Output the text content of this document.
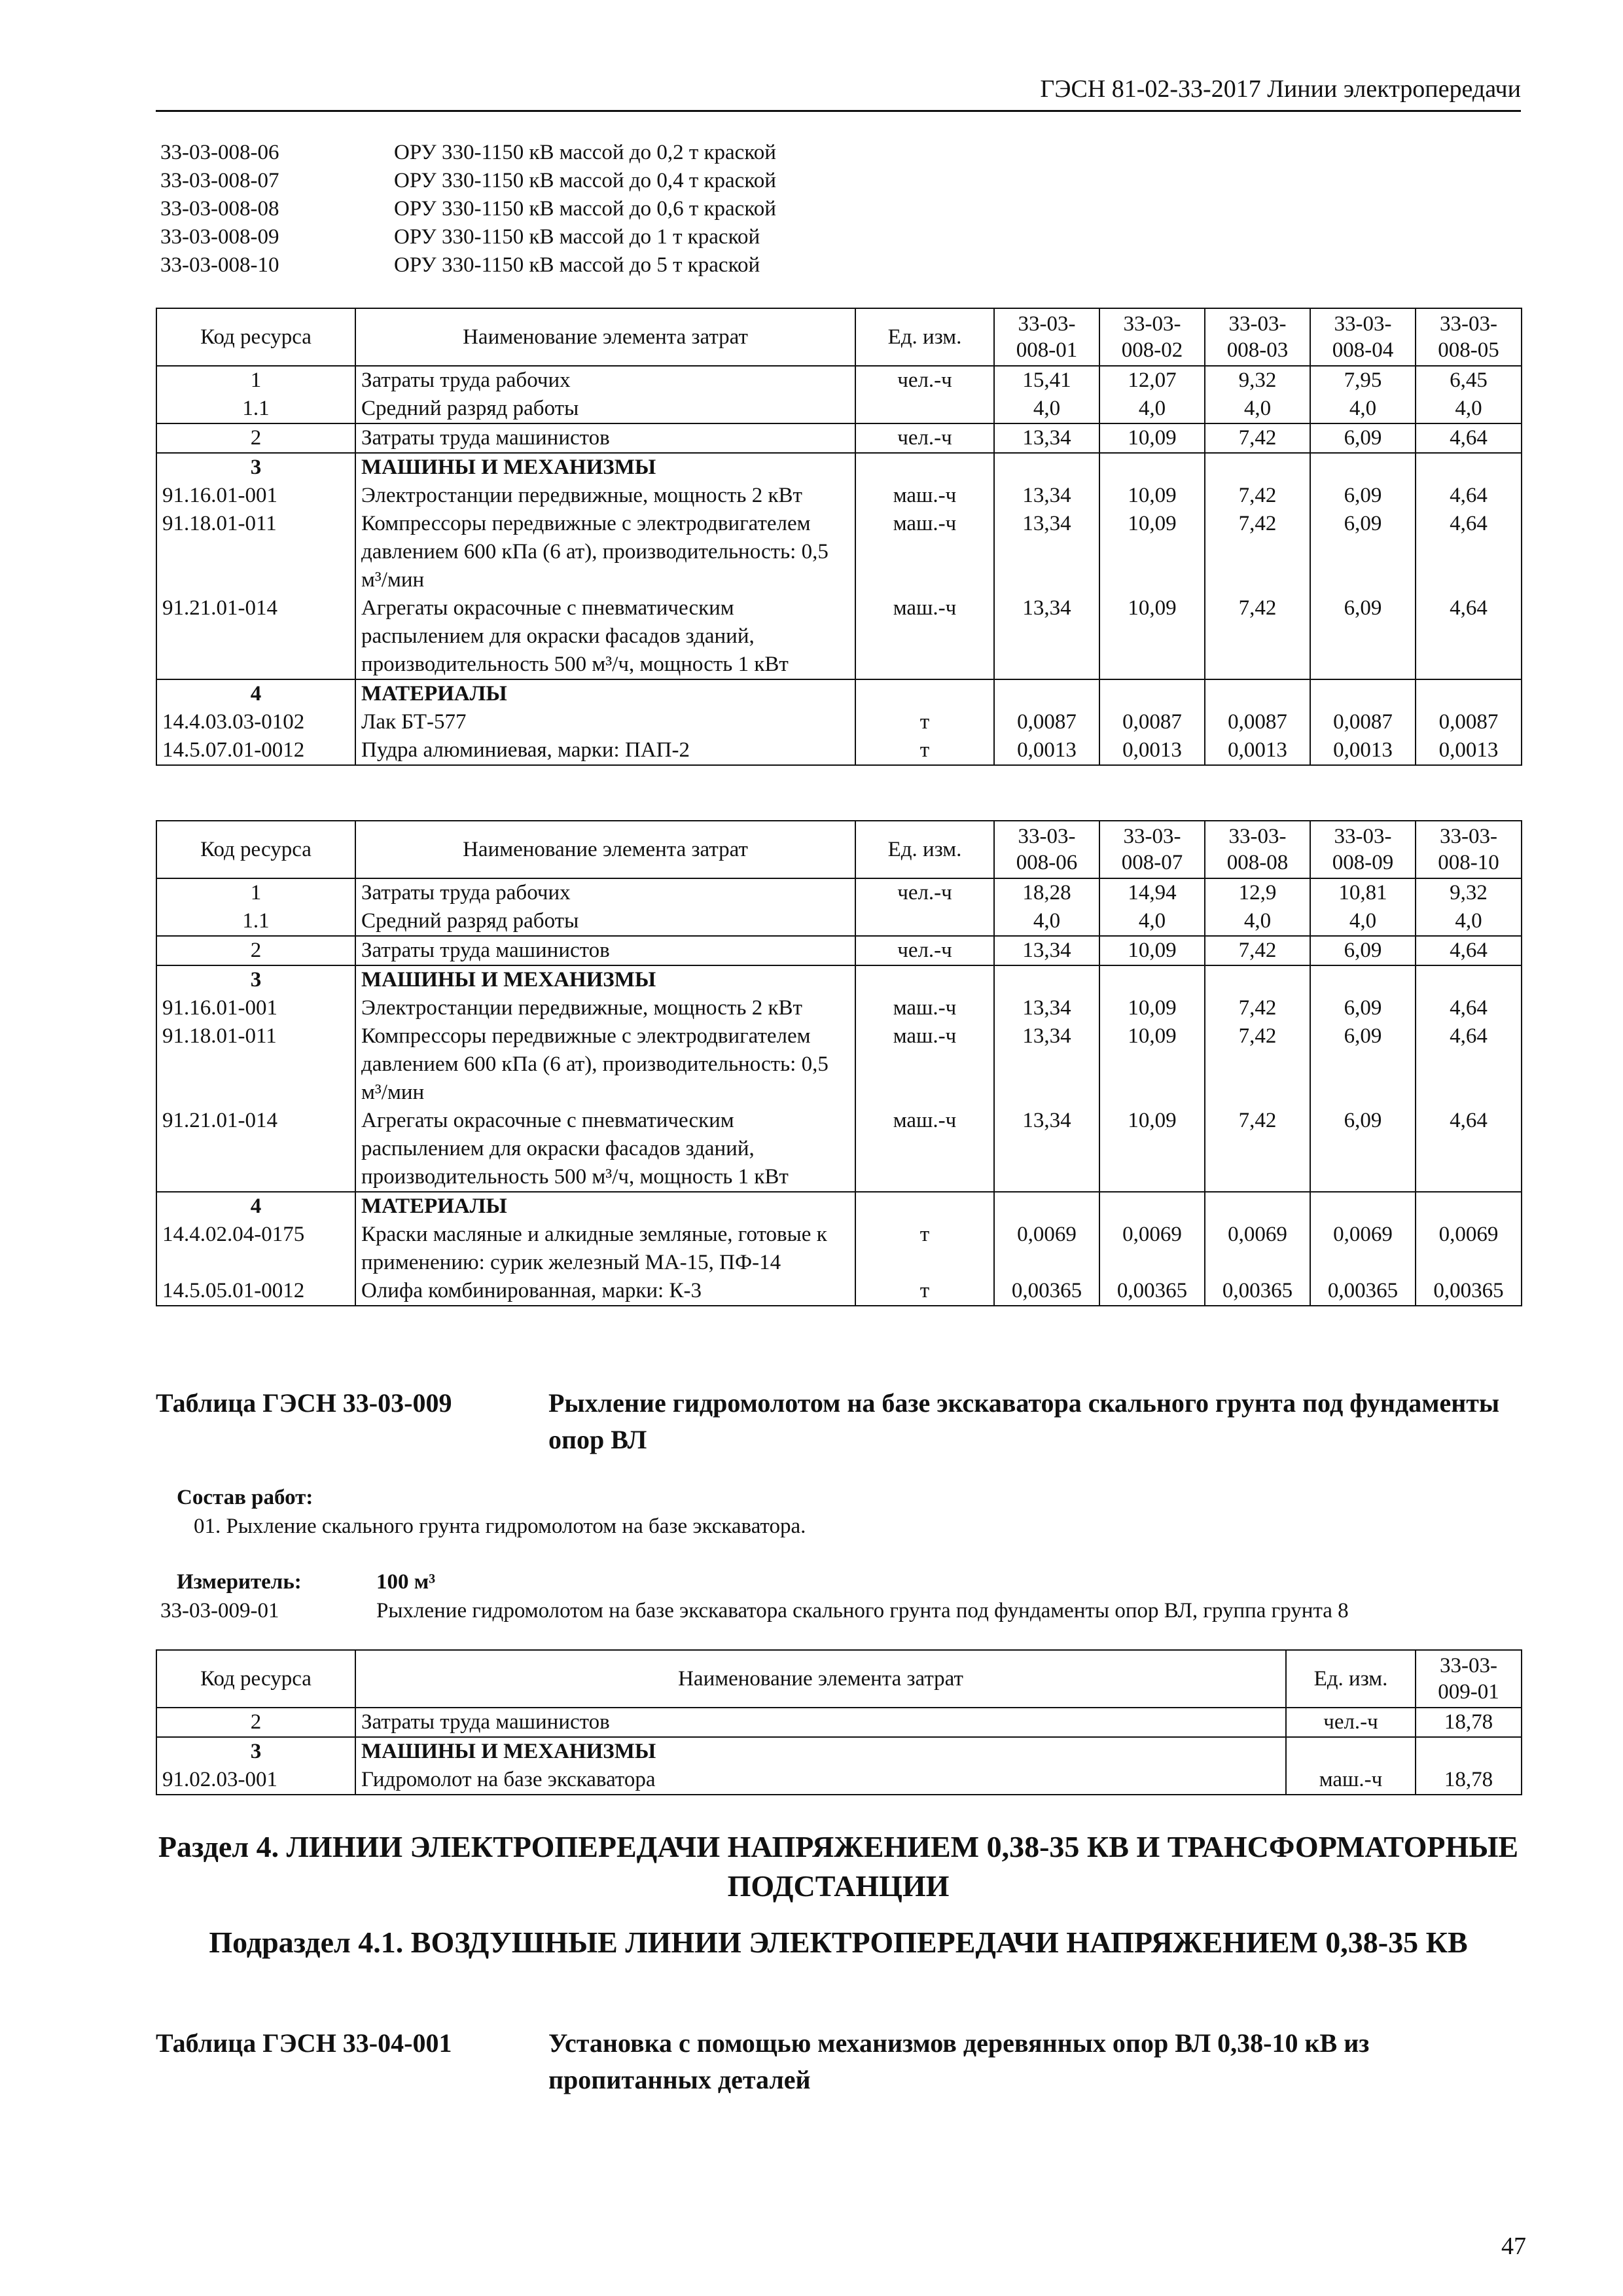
ГЭСН 81-02-33-2017 Линии электропередачи
33-03-008-06	ОРУ 330-1150 кВ массой до 0,2 т краской
33-03-008-07	ОРУ 330-1150 кВ массой до 0,4 т краской
33-03-008-08	ОРУ 330-1150 кВ массой до 0,6 т краской
33-03-008-09	ОРУ 330-1150 кВ массой до 1 т краской
33-03-008-10	ОРУ 330-1150 кВ массой до 5 т краской
Код ресурса	Наименование элемента затрат	Ед. изм.	33-03-008-01	33-03-008-02	33-03-008-03	33-03-008-04	33-03-008-05
1	Затраты труда рабочих	чел.-ч	15,41	12,07	9,32	7,95	6,45
1.1	Средний разряд работы		4,0	4,0	4,0	4,0	4,0
2	Затраты труда машинистов	чел.-ч	13,34	10,09	7,42	6,09	4,64
3	МАШИНЫ И МЕХАНИЗМЫ						
91.16.01-001	Электростанции передвижные, мощность 2 кВт	маш.-ч	13,34	10,09	7,42	6,09	4,64
91.18.01-011	Компрессоры передвижные с электродвигателем давлением 600 кПа (6 ат), производительность: 0,5 м³/мин	маш.-ч	13,34	10,09	7,42	6,09	4,64
91.21.01-014	Агрегаты окрасочные с пневматическим распылением для окраски фасадов зданий, производительность 500 м³/ч, мощность 1 кВт	маш.-ч	13,34	10,09	7,42	6,09	4,64
4	МАТЕРИАЛЫ						
14.4.03.03-0102	Лак БТ-577	т	0,0087	0,0087	0,0087	0,0087	0,0087
14.5.07.01-0012	Пудра алюминиевая, марки: ПАП-2	т	0,0013	0,0013	0,0013	0,0013	0,0013
Код ресурса	Наименование элемента затрат	Ед. изм.	33-03-008-06	33-03-008-07	33-03-008-08	33-03-008-09	33-03-008-10
1	Затраты труда рабочих	чел.-ч	18,28	14,94	12,9	10,81	9,32
1.1	Средний разряд работы		4,0	4,0	4,0	4,0	4,0
2	Затраты труда машинистов	чел.-ч	13,34	10,09	7,42	6,09	4,64
3	МАШИНЫ И МЕХАНИЗМЫ						
91.16.01-001	Электростанции передвижные, мощность 2 кВт	маш.-ч	13,34	10,09	7,42	6,09	4,64
91.18.01-011	Компрессоры передвижные с электродвигателем давлением 600 кПа (6 ат), производительность: 0,5 м³/мин	маш.-ч	13,34	10,09	7,42	6,09	4,64
91.21.01-014	Агрегаты окрасочные с пневматическим распылением для окраски фасадов зданий, производительность 500 м³/ч, мощность 1 кВт	маш.-ч	13,34	10,09	7,42	6,09	4,64
4	МАТЕРИАЛЫ						
14.4.02.04-0175	Краски масляные и алкидные земляные, готовые к применению: сурик железный МА-15, ПФ-14	т	0,0069	0,0069	0,0069	0,0069	0,0069
14.5.05.01-0012	Олифа комбинированная, марки: К-3	т	0,00365	0,00365	0,00365	0,00365	0,00365
Таблица ГЭСН 33-03-009	Рыхление гидромолотом на базе экскаватора скального грунта под фундаменты опор ВЛ
Состав работ:
01. Рыхление скального грунта гидромолотом на базе экскаватора.
Измеритель:	100 м³
33-03-009-01	Рыхление гидромолотом на базе экскаватора скального грунта под фундаменты опор ВЛ, группа грунта 8
Код ресурса	Наименование элемента затрат	Ед. изм.	33-03-009-01
2	Затраты труда машинистов	чел.-ч	18,78
3	МАШИНЫ И МЕХАНИЗМЫ		
91.02.03-001	Гидромолот на базе экскаватора	маш.-ч	18,78
Раздел 4. ЛИНИИ ЭЛЕКТРОПЕРЕДАЧИ НАПРЯЖЕНИЕМ 0,38-35 КВ И ТРАНСФОРМАТОРНЫЕ ПОДСТАНЦИИ
Подраздел 4.1. ВОЗДУШНЫЕ ЛИНИИ ЭЛЕКТРОПЕРЕДАЧИ НАПРЯЖЕНИЕМ 0,38-35 КВ
Таблица ГЭСН 33-04-001	Установка с помощью механизмов деревянных опор ВЛ 0,38-10 кВ из пропитанных деталей
47
